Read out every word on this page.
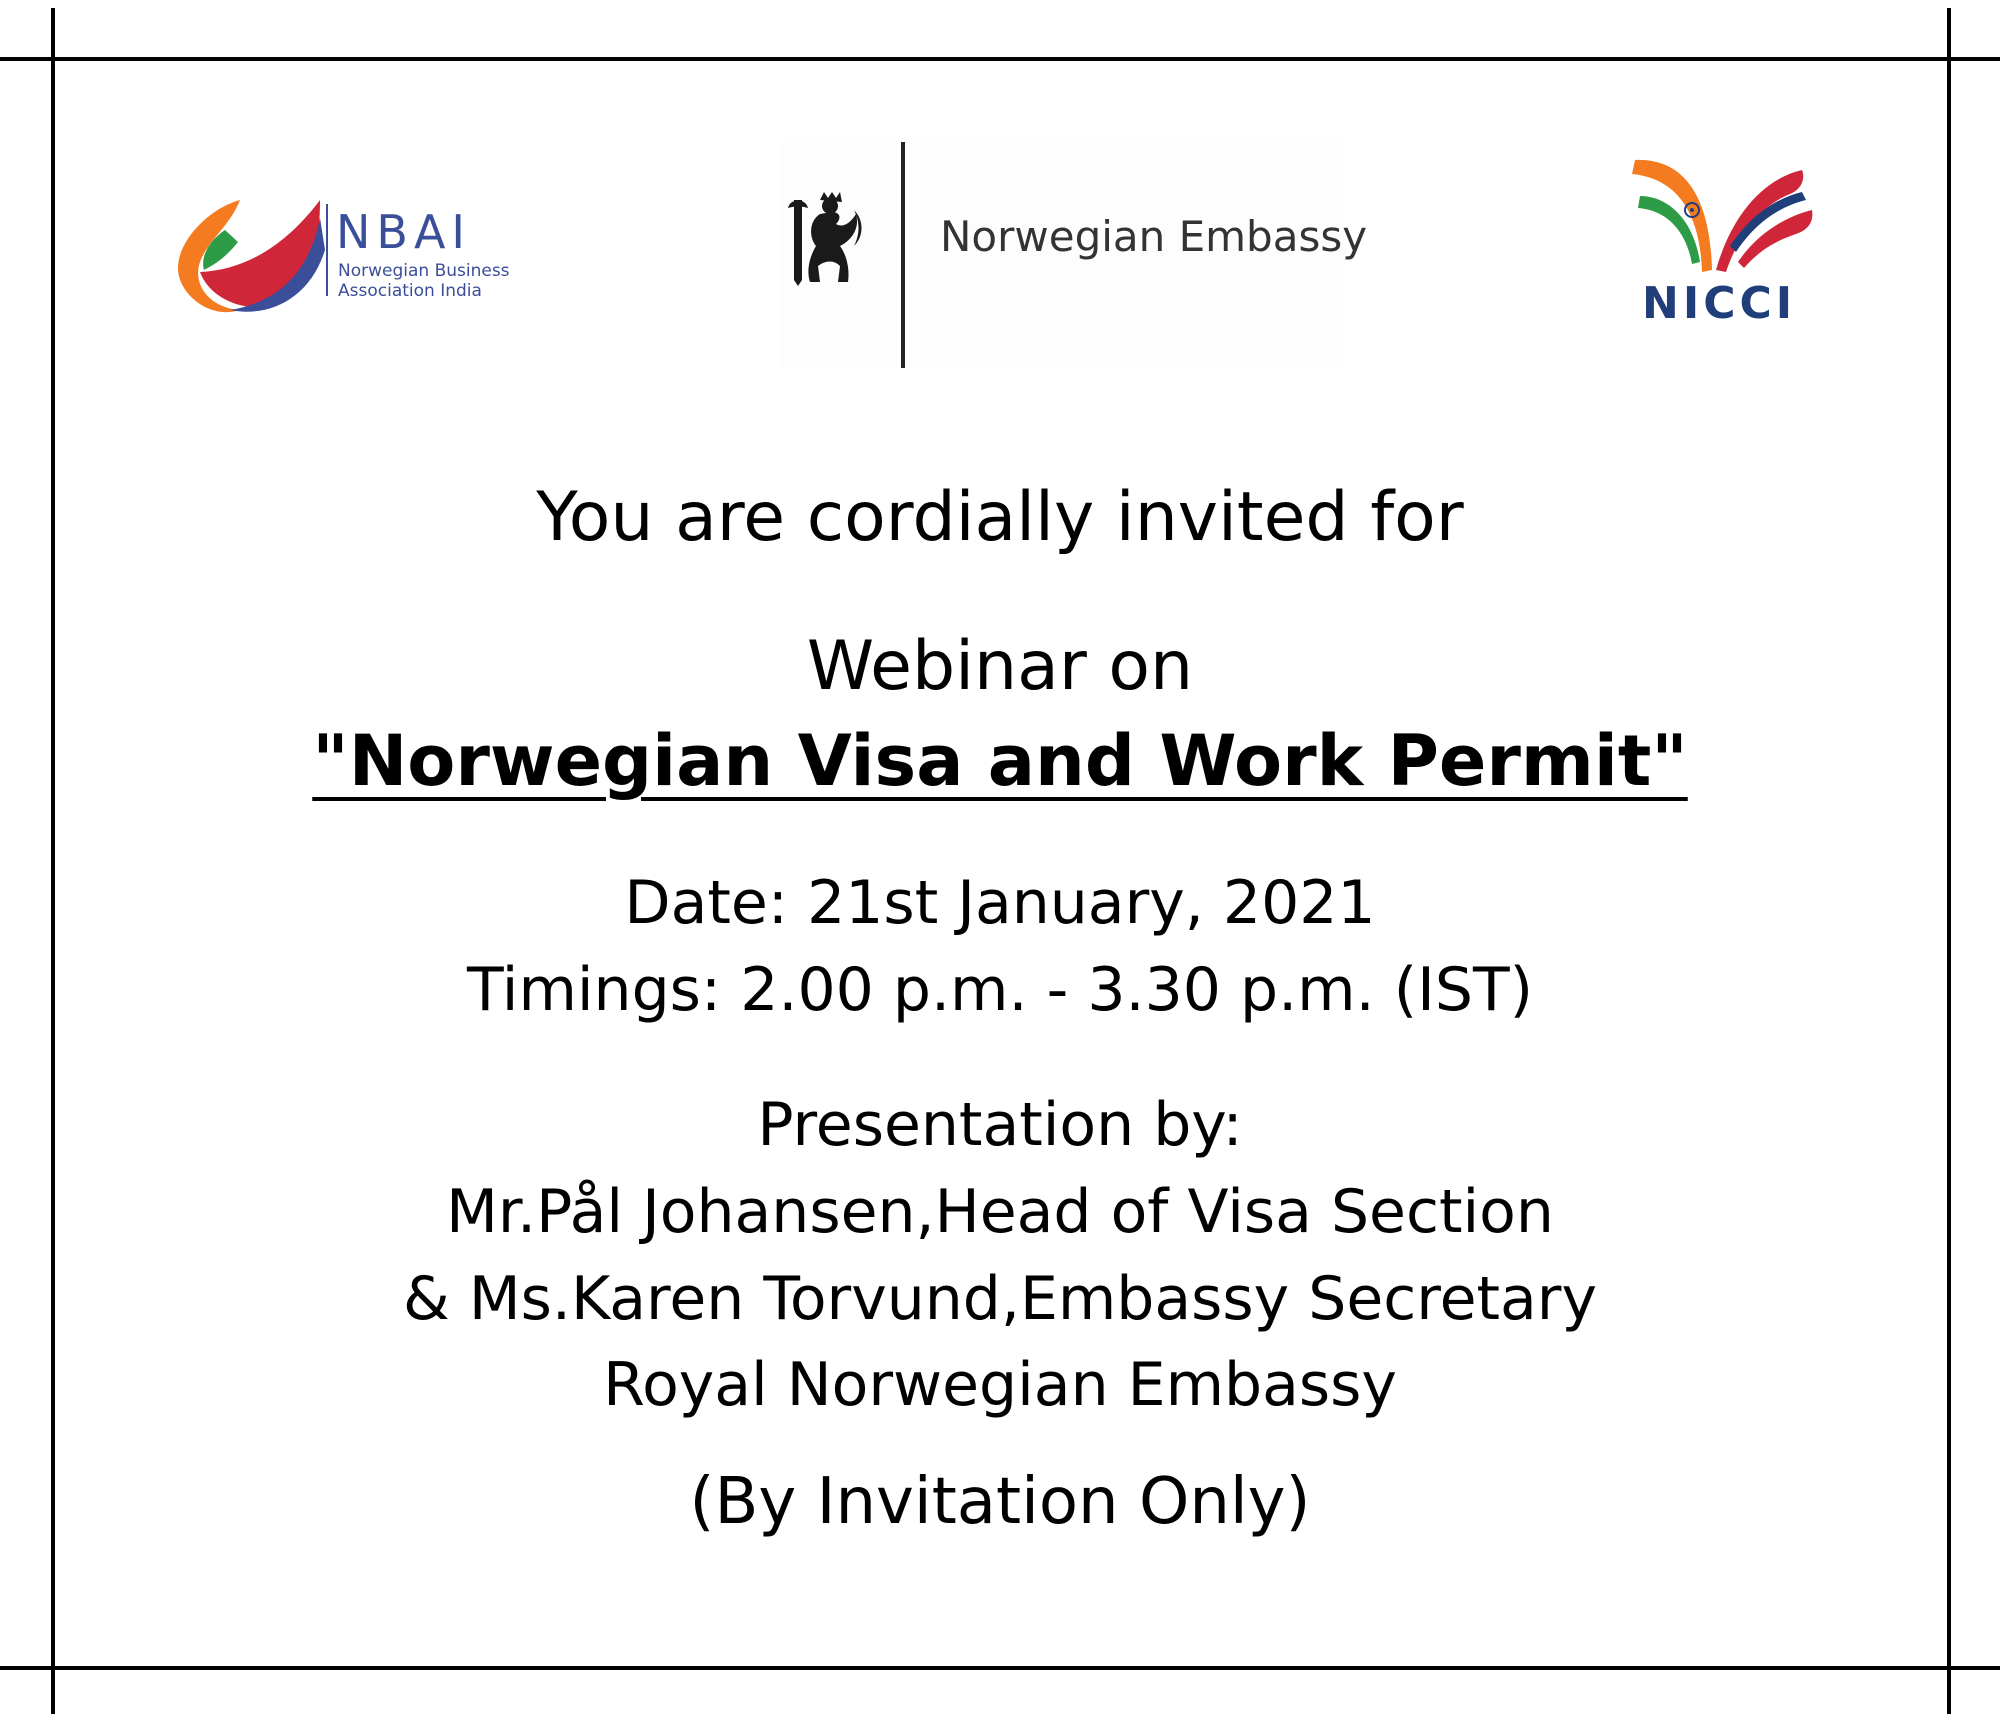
NBAI
Norwegian Business
Association India
Norwegian Embassy
NICCI
You are cordially invited for
Webinar on
"Norwegian Visa and Work Permit"
Date: 21st January, 2021
Timings: 2.00 p.m. - 3.30 p.m. (IST)
Presentation by:
Mr.Pål Johansen,Head of Visa Section
& Ms.Karen Torvund,Embassy Secretary
Royal Norwegian Embassy
(By Invitation Only)
